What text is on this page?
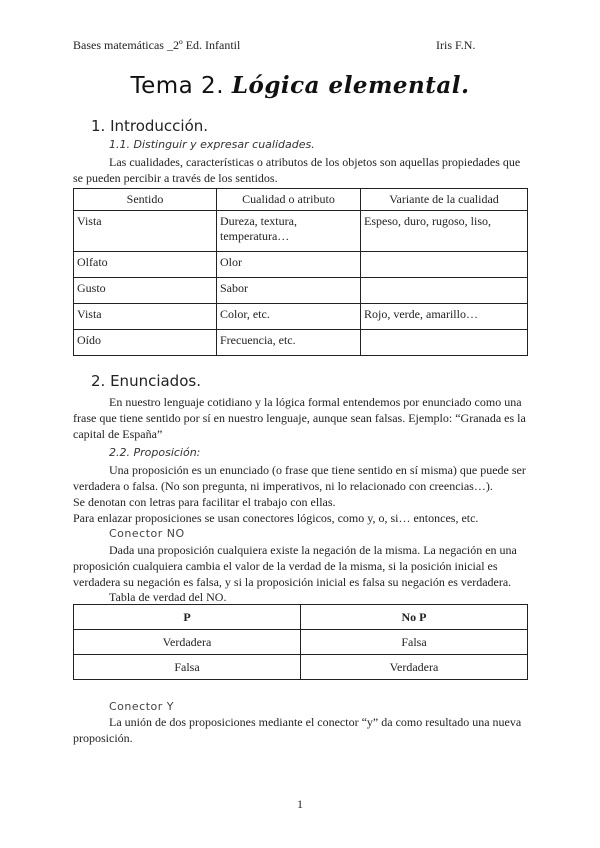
Bases matemáticas _2º Ed. Infantil	Iris F.N.
Tema 2. Lógica elemental.
1. Introducción.
1.1. Distinguir y expresar cualidades.
Las cualidades, características o atributos de los objetos son aquellas propiedades que se pueden percibir a través de los sentidos.
Sentido	Cualidad o atributo	Variante de la cualidad
Vista	Dureza, textura, temperatura…	Espeso, duro, rugoso, liso,
Olfato	Olor	
Gusto	Sabor	
Vista	Color, etc.	Rojo, verde, amarillo…
Oído	Frecuencia, etc.	
2. Enunciados.
En nuestro lenguaje cotidiano y la lógica formal entendemos por enunciado como una frase que tiene sentido por sí en nuestro lenguaje, aunque sean falsas. Ejemplo: “Granada es la capital de España”
2.2. Proposición:
Una proposición es un enunciado (o frase que tiene sentido en sí misma) que puede ser verdadera o falsa. (No son pregunta, ni imperativos, ni lo relacionado con creencias…).
Se denotan con letras para facilitar el trabajo con ellas.
Para enlazar proposiciones se usan conectores lógicos, como y, o, si… entonces, etc.
Conector NO
Dada una proposición cualquiera existe la negación de la misma. La negación en una proposición cualquiera cambia el valor de la verdad de la misma, si la posición inicial es verdadera su negación es falsa, y si la proposición inicial es falsa su negación es verdadera.
Tabla de verdad del NO.
P	No P
Verdadera	Falsa
Falsa	Verdadera
Conector Y
La unión de dos proposiciones mediante el conector “y” da como resultado una nueva proposición.
1
